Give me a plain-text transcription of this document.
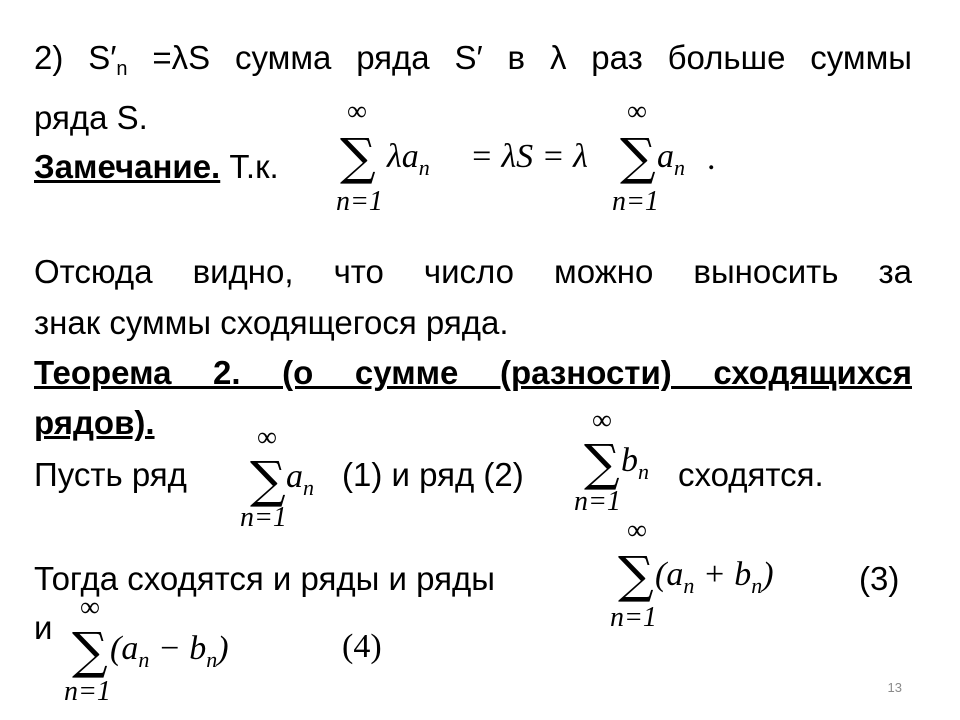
2) S′n =λS сумма ряда S′ в λ раз больше суммы
ряда S.
Замечание. Т.к.
∞
∑
n=1
$\lambda a_n = \lambda S = \lambda$
∞
∑
n=1
$a_n$ .
Отсюда видно, что число можно выносить за
знак суммы сходящегося ряда.
Теорема 2. (о сумме (разности) сходящихся
рядов).
Пусть ряд
∞
∑
n=1
$a_n$ (1) и ряд (2)
∞
∑
n=1
$b_n$ сходятся.
Тогда сходятся и ряды и ряды
∞
∑
n=1
$(a_n + b_n)$	(3)
и
∞
∑
n=1
$(a_n - b_n)$	(4)
13
